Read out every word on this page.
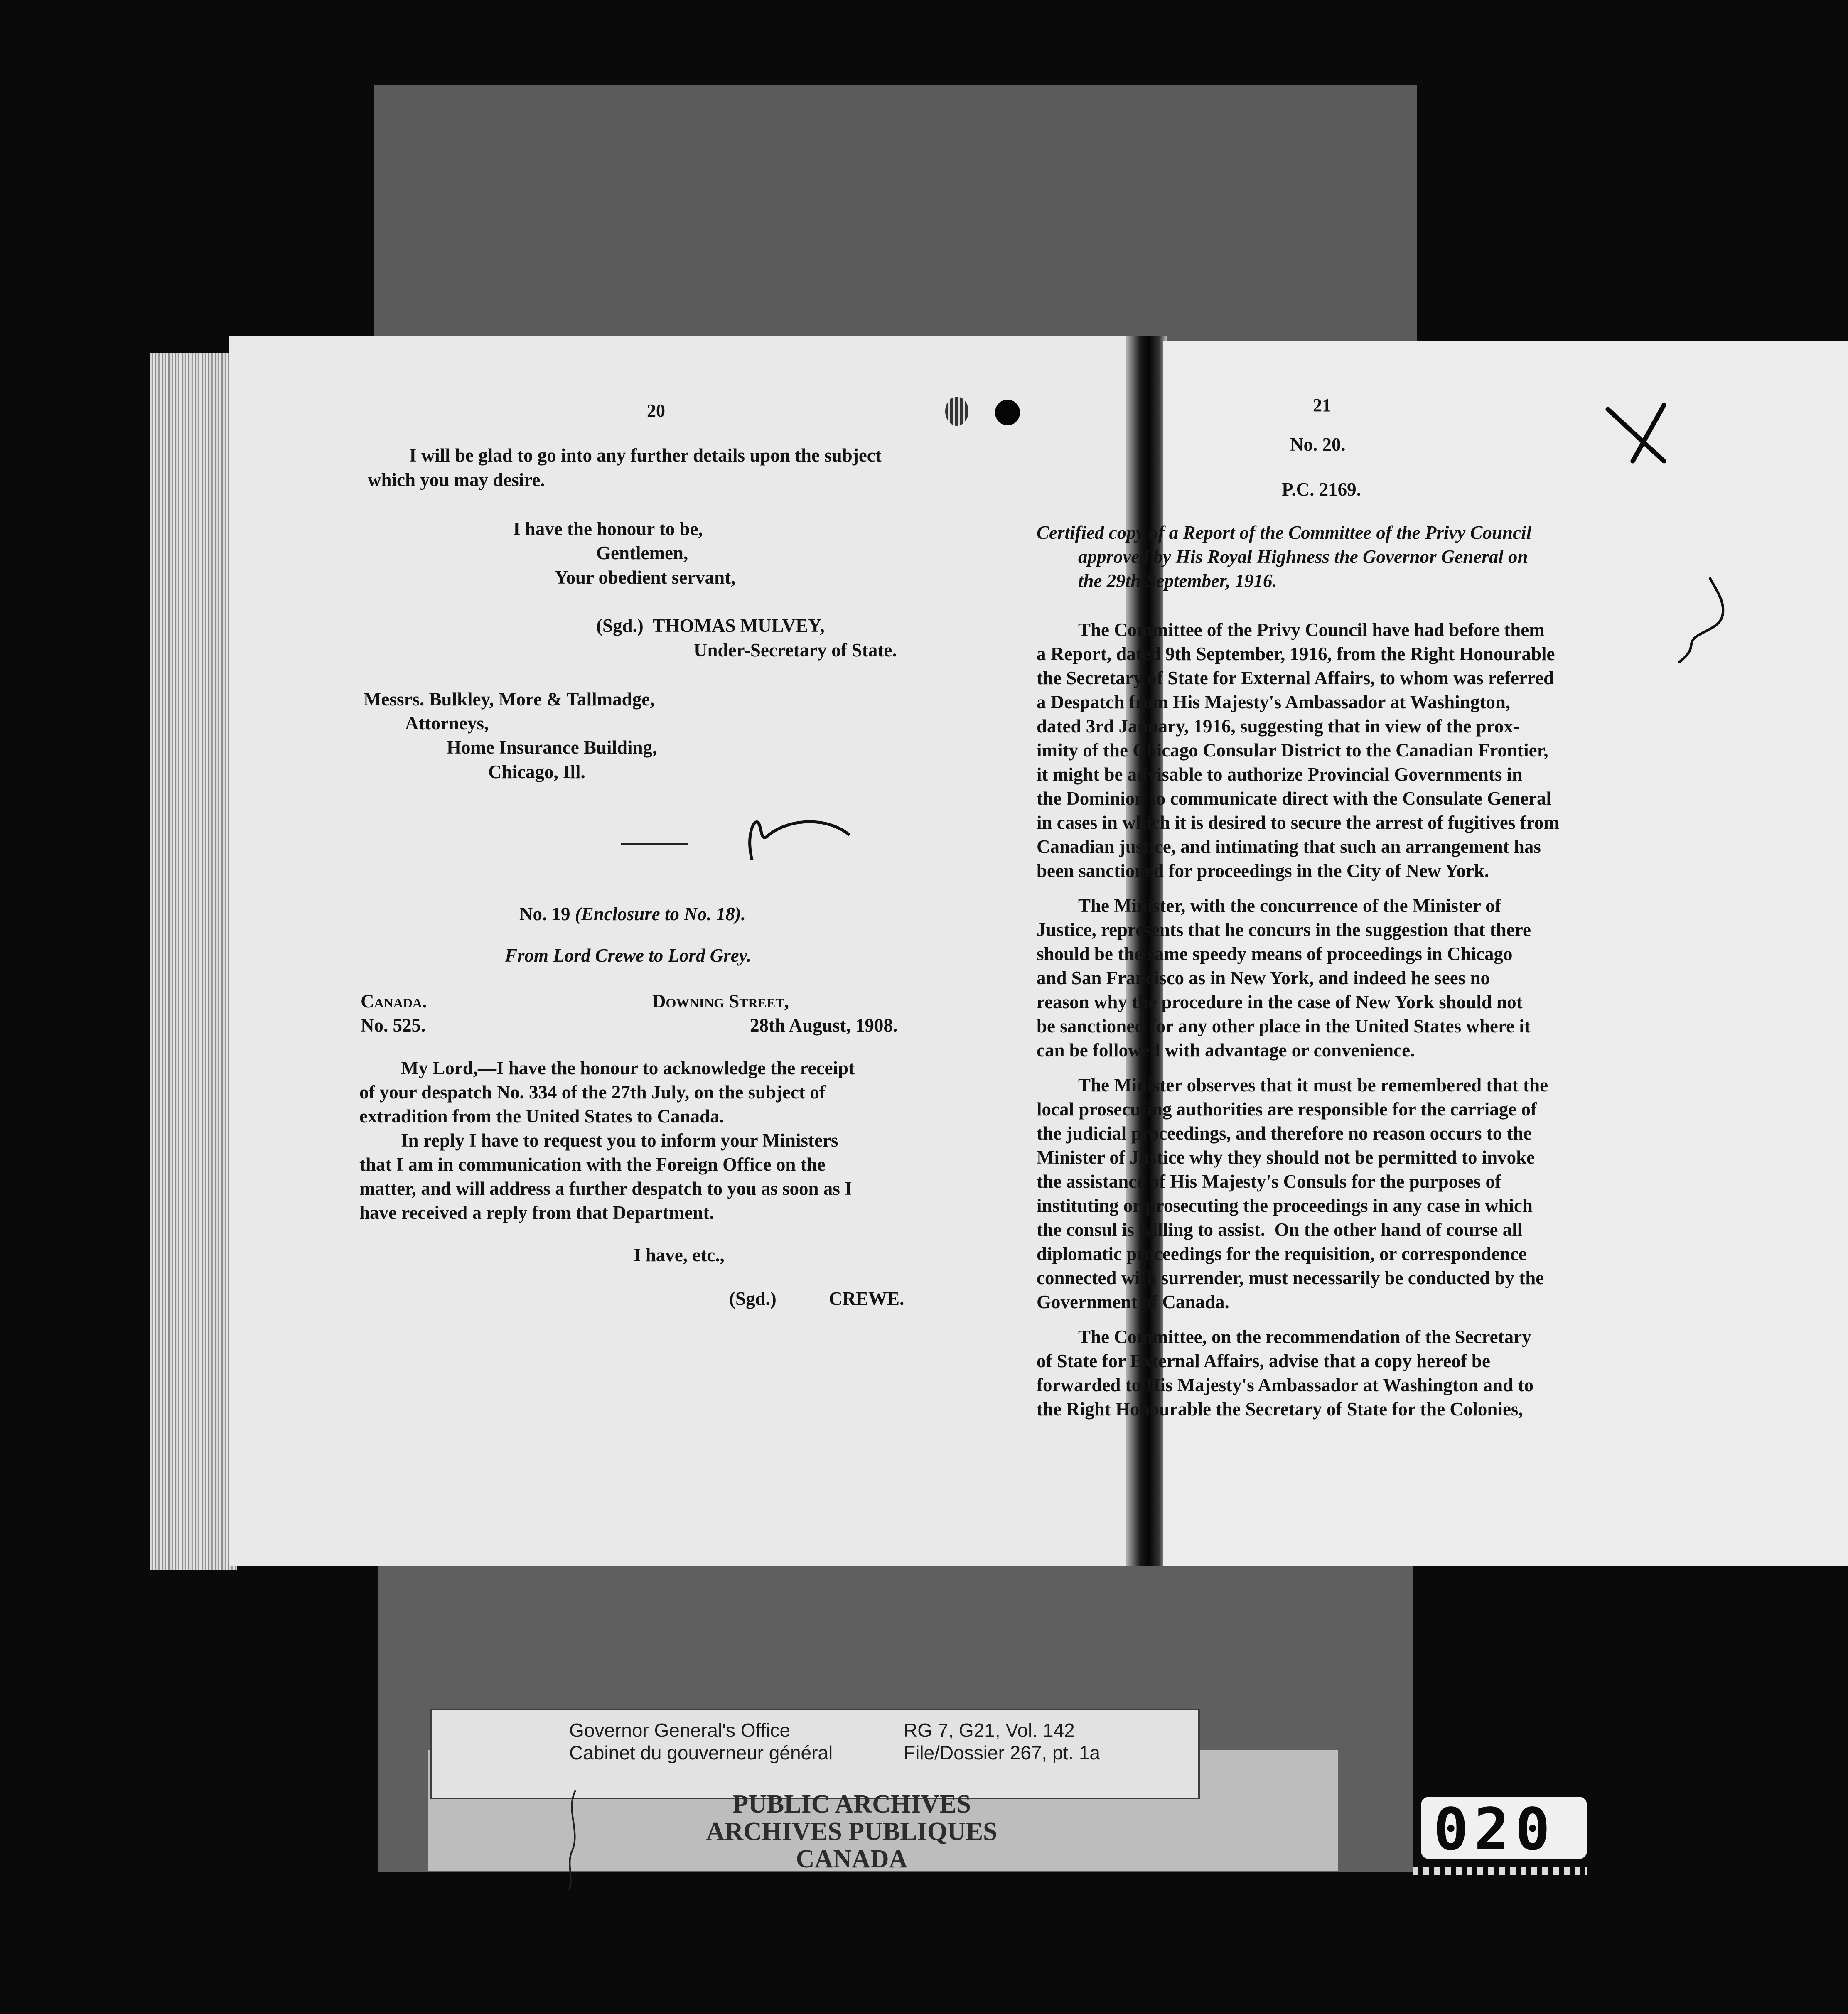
20
I will be glad to go into any further details upon the subject
which you may desire.
I have the honour to be,
Gentlemen,
Your obedient servant,
(Sgd.) THOMAS MULVEY,
Under-Secretary of State.
Messrs. Bulkley, More & Tallmadge,
Attorneys,
Home Insurance Building,
Chicago, Ill.
No. 19 (Enclosure to No. 18).
From Lord Crewe to Lord Grey.
Canada.
No. 525.
Downing Street,
28th August, 1908.
My Lord,—I have the honour to acknowledge the receipt
of your despatch No. 334 of the 27th July, on the subject of
extradition from the United States to Canada.
In reply I have to request you to inform your Ministers
that I am in communication with the Foreign Office on the
matter, and will address a further despatch to you as soon as I
have received a reply from that Department.
I have, etc.,
(Sgd.)	CREWE.
21
No. 20.
P.C. 2169.
Certified copy of a Report of the Committee of the Privy Council
approved by His Royal Highness the Governor General on
the 29th September, 1916.
The Committee of the Privy Council have had before them
a Report, dated 9th September, 1916, from the Right Honourable
the Secretary of State for External Affairs, to whom was referred
a Despatch from His Majesty's Ambassador at Washington,
dated 3rd January, 1916, suggesting that in view of the prox-
imity of the Chicago Consular District to the Canadian Frontier,
it might be advisable to authorize Provincial Governments in
the Dominion to communicate direct with the Consulate General
in cases in which it is desired to secure the arrest of fugitives from
Canadian justice, and intimating that such an arrangement has
been sanctioned for proceedings in the City of New York.
The Minister, with the concurrence of the Minister of
Justice, represents that he concurs in the suggestion that there
should be the same speedy means of proceedings in Chicago
and San Francisco as in New York, and indeed he sees no
reason why the procedure in the case of New York should not
be sanctioned for any other place in the United States where it
can be followed with advantage or convenience.
The Minister observes that it must be remembered that the
local prosecuting authorities are responsible for the carriage of
the judicial proceedings, and therefore no reason occurs to the
Minister of Justice why they should not be permitted to invoke
the assistance of His Majesty's Consuls for the purposes of
instituting or prosecuting the proceedings in any case in which
the consul is willing to assist.  On the other hand of course all
diplomatic proceedings for the requisition, or correspondence
connected with surrender, must necessarily be conducted by the
Government of Canada.
The Committee, on the recommendation of the Secretary
of State for External Affairs, advise that a copy hereof be
forwarded to His Majesty's Ambassador at Washington and to
the Right Honourable the Secretary of State for the Colonies,
Governor General's Office
Cabinet du gouverneur général
RG 7, G21, Vol. 142
File/Dossier 267, pt. 1a
PUBLIC ARCHIVES
ARCHIVES PUBLIQUES
CANADA	020
